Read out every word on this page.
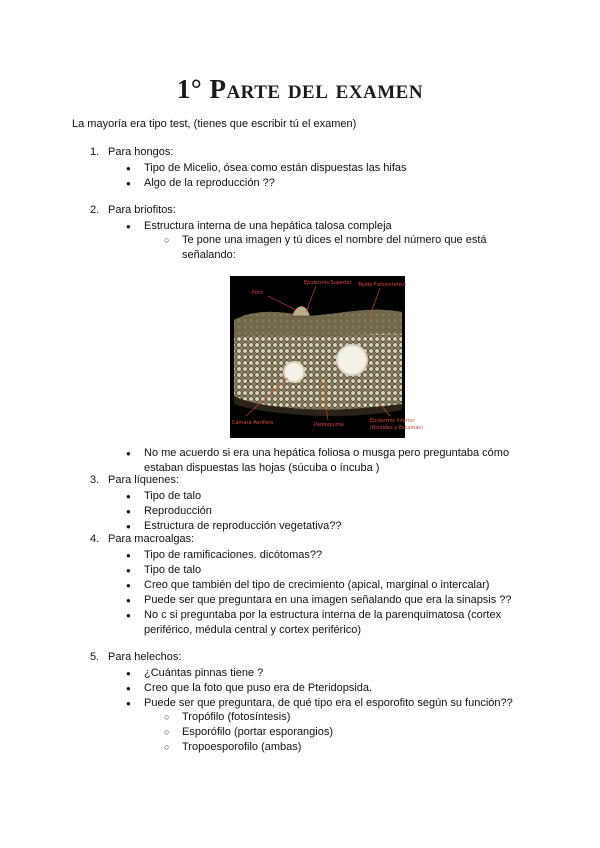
1° Parte del examen
La mayoría era tipo test, (tienes que escribir tú el examen)
1. Para hongos:
● Tipo de Micelio, ósea como están dispuestas las hifas
● Algo de la reproducción ??
2. Para briofitos:
● Estructura interna de una hepática talosa compleja
○ Te pone una imagen y tú dices el nombre del número que está señalando:
Poro
Epidermis Superior Tejido Fotosintético
Cámara Aerífera	Parénquima
Epidermis Inferior
(Rizoides y Escamas)
● No me acuerdo si era una hepática foliosa o musga pero preguntaba cómo estaban dispuestas las hojas (súcuba o íncuba )
3. Para líquenes:
● Tipo de talo
● Reproducción
● Estructura de reproducción vegetativa??
4. Para macroalgas:
● Tipo de ramificaciones. dicótomas??
● Tipo de talo
● Creo que también del tipo de crecimiento (apical, marginal o intercalar)
● Puede ser que preguntara en una imagen señalando que era la sinapsis ??
● No c si preguntaba por la estructura interna de la parenquimatosa (cortex periférico, médula central y cortex periférico)
5. Para helechos:
● ¿Cuántas pinnas tiene ?
● Creo que la foto que puso era de Pteridopsida.
● Puede ser que preguntara, de qué tipo era el esporofito según su función??
○ Tropófilo (fotosíntesis)
○ Esporófilo (portar esporangios)
○ Tropoesporofilo (ambas)
